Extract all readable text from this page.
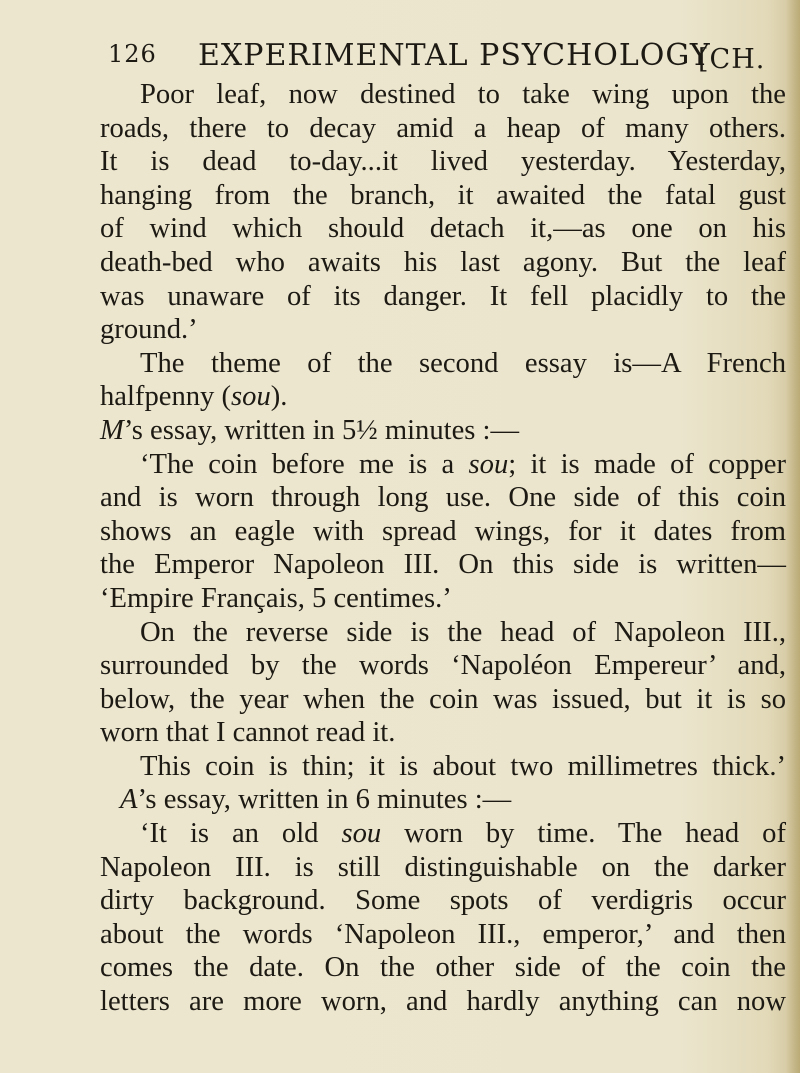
126 EXPERIMENTAL PSYCHOLOGY
[CH.
Poor leaf, now destined to take wing upon the
roads, there to decay amid a heap of many others.
It is dead to-day...it lived yesterday. Yesterday,
hanging from the branch, it awaited the fatal gust
of wind which should detach it,—as one on his
death-bed who awaits his last agony. But the leaf
was unaware of its danger. It fell placidly to the
ground.’
The theme of the second essay is—A French
halfpenny (sou).
M’s essay, written in 5½ minutes :—
‘The coin before me is a sou; it is made of copper
and is worn through long use. One side of this coin
shows an eagle with spread wings, for it dates from
the Emperor Napoleon III. On this side is written—
‘Empire Français, 5 centimes.’
On the reverse side is the head of Napoleon III.,
surrounded by the words ‘Napoléon Empereur’ and,
below, the year when the coin was issued, but it is so
worn that I cannot read it.
This coin is thin; it is about two millimetres thick.’
A’s essay, written in 6 minutes :—
‘It is an old sou worn by time. The head of
Napoleon III. is still distinguishable on the darker
dirty background. Some spots of verdigris occur
about the words ‘Napoleon III., emperor,’ and then
comes the date. On the other side of the coin the
letters are more worn, and hardly anything can now
